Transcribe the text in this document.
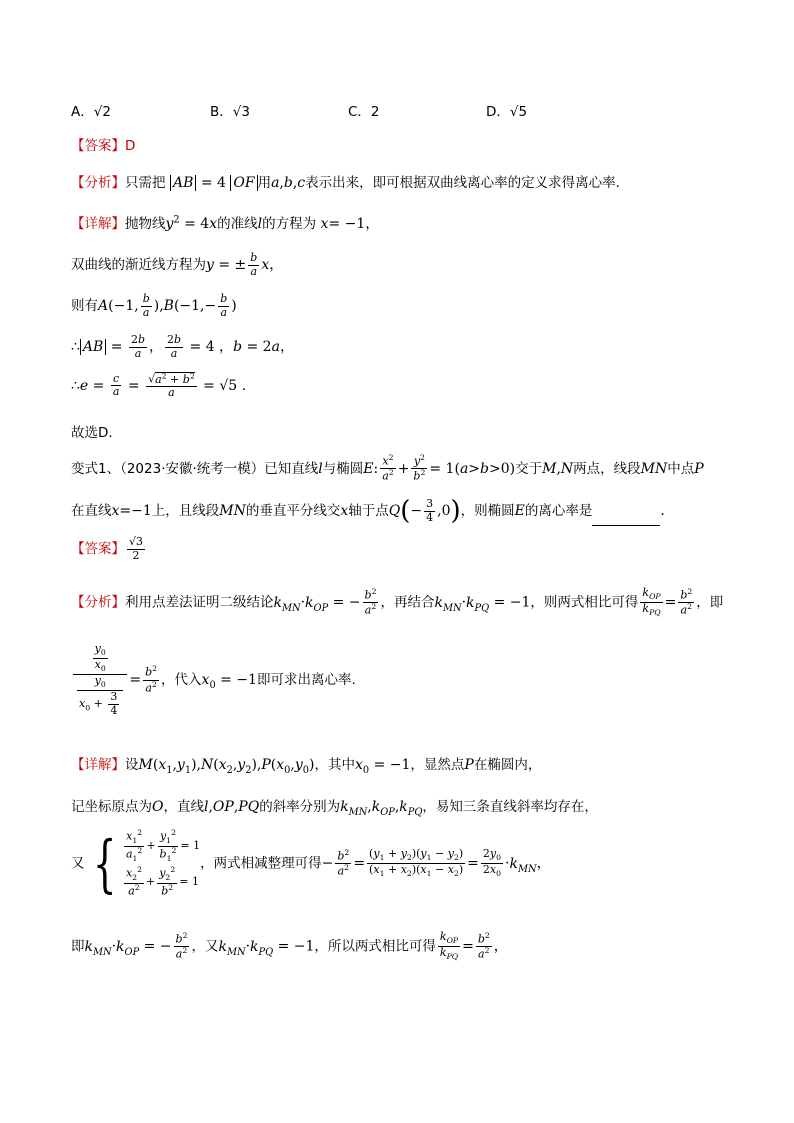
A．√2	B．√3	C．2	D．√5
【答案】D
【分析】只需把 AB = 4 OF 用a,b,c表示出来，即可根据双曲线离心率的定义求得离心率．
【详解】抛物线$y^2 = 4x$的准线l的方程为 x= −1，
双曲线的渐近线方程为y = ± $\frac{b}{a}$ x，
则有A(−1, $\frac{b}{a} ),B(-1,- \frac{b}{a}$ )
∴ AB = $\frac{2b}{a}$ ， $\frac{2b}{a} = 4$ ，b = 2a，
∴e = $\frac{c}{a} = \frac{√a^2 + b^2}{a} = √5$ .
故选D．
变式1、（2023·安徽·统考一模）已知直线l与椭圆E: $\frac{x^2}{a^2} + \frac{y^2}{b^2} = 1(a>b>0)$交于M,N两点，线段MN中点P
在直线x=−1上，且线段MN的垂直平分线交x轴于点$Q(- \frac{3}{4} ,0)$，则椭圆E的离心率是	.
【答案】 $\frac{√3}{2}$
【分析】利用点差法证明二级结论$k_{MN}\cdot k_{OP}$ = − $\frac{b^2}{a^2}$ ，再结合$k_{MN}\cdot k_{PQ} = -1$，则两式相比可得 $\frac{k_{OP}}{k_{PQ}} = \frac{b^2}{a^2}$ ，即
$\frac{\frac{y_0}{x_0}}{\frac{y_0}{x_0 + \frac{3}{4}}} = \frac{b^2}{a^2}$ ，代入$x_0 = -1$即可求出离心率.
【详解】设$M(x_1,y_1),N(x_2,y_2),P(x_0,y_0)$，其中$x_0 = -1$，显然点P在椭圆内，
记坐标原点为O，直线l,OP,PQ的斜率分别为$k_{MN},k_{OP},k_{PQ}$，易知三条直线斜率均存在，
又 { $\frac{x_1^2}{a_1^2} + \frac{y_1^2}{b_1^2} = 1$
$\frac{x_2^2}{a^2} + \frac{y_2^2}{b^2} = 1$
，两式相减整理可得− $\frac{b^2}{a^2} = \frac{(y_1 + y_2)(y_1 - y_2)}{(x_1 + x_2)(x_1 - x_2)} = \frac{2y_0}{2x_0} \cdot k_{MN}$，
即$k_{MN}\cdot k_{OP}$ = − $\frac{b^2}{a^2}$ ，又$k_{MN}\cdot k_{PQ} = -1$，所以两式相比可得 $\frac{k_{OP}}{k_{PQ}} = \frac{b^2}{a^2}$ ，
